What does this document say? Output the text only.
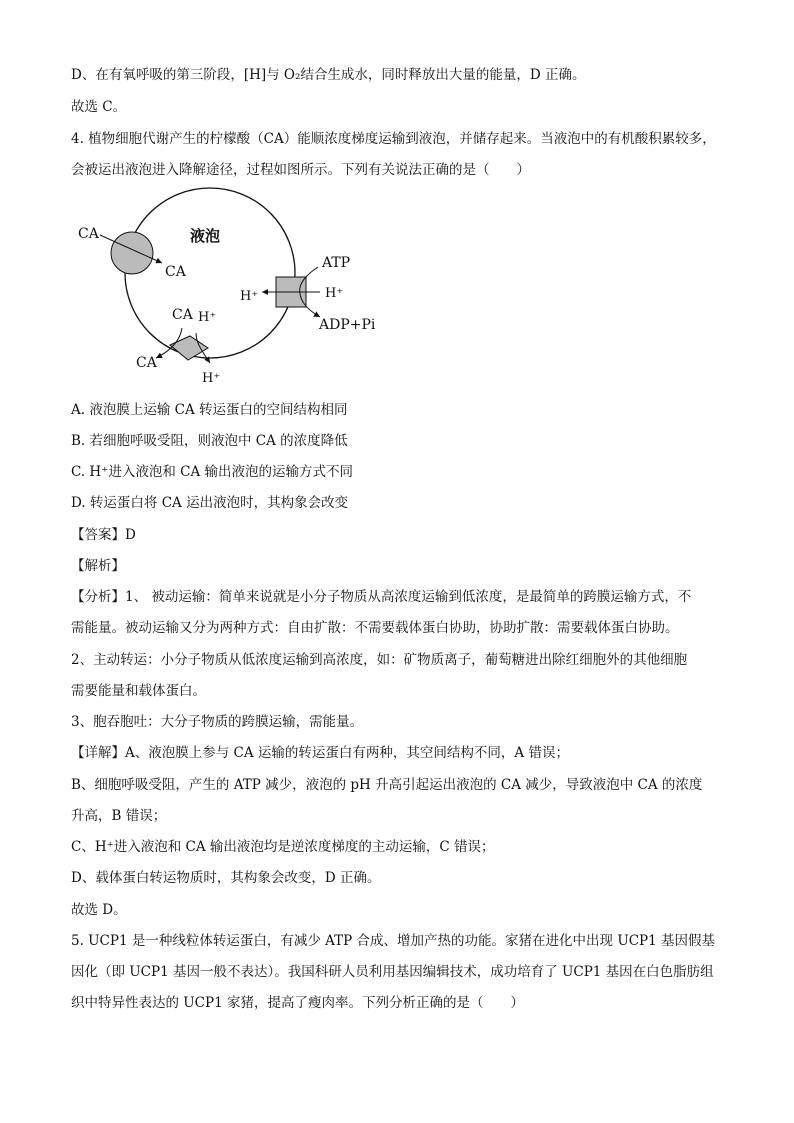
D、在有氧呼吸的第三阶段，[H]与 O₂结合生成水，同时释放出大量的能量，D 正确。
故选 C。
4. 植物细胞代谢产生的柠檬酸（CA）能顺浓度梯度运输到液泡，并储存起来。当液泡中的有机酸积累较多，
会被运出液泡进入降解途径，过程如图所示。下列有关说法正确的是（　　）
液泡
CA
CA
ATP
ADP+Pi
H⁺	H⁺
CA H⁺
CA
H⁺
A. 液泡膜上运输 CA 转运蛋白的空间结构相同
B. 若细胞呼吸受阻，则液泡中 CA 的浓度降低
C. H⁺进入液泡和 CA 输出液泡的运输方式不同
D. 转运蛋白将 CA 运出液泡时，其构象会改变
【答案】D
【解析】
【分析】1、 被动运输：简单来说就是小分子物质从高浓度运输到低浓度，是最简单的跨膜运输方式，不
需能量。被动运输又分为两种方式：自由扩散：不需要载体蛋白协助，协助扩散：需要载体蛋白协助。
2、主动转运：小分子物质从低浓度运输到高浓度，如：矿物质离子，葡萄糖进出除红细胞外的其他细胞
需要能量和载体蛋白。
3、胞吞胞吐：大分子物质的跨膜运输，需能量。
【详解】A、液泡膜上参与 CA 运输的转运蛋白有两种，其空间结构不同，A 错误；
B、细胞呼吸受阻，产生的 ATP 减少，液泡的 pH 升高引起运出液泡的 CA 减少，导致液泡中 CA 的浓度
升高，B 错误；
C、H⁺进入液泡和 CA 输出液泡均是逆浓度梯度的主动运输，C 错误；
D、载体蛋白转运物质时，其构象会改变，D 正确。
故选 D。
5. UCP1 是一种线粒体转运蛋白，有减少 ATP 合成、增加产热的功能。家猪在进化中出现 UCP1 基因假基
因化（即 UCP1 基因一般不表达）。我国科研人员利用基因编辑技术，成功培育了 UCP1 基因在白色脂肪组
织中特异性表达的 UCP1 家猪，提高了瘦肉率。下列分析正确的是（　　）
